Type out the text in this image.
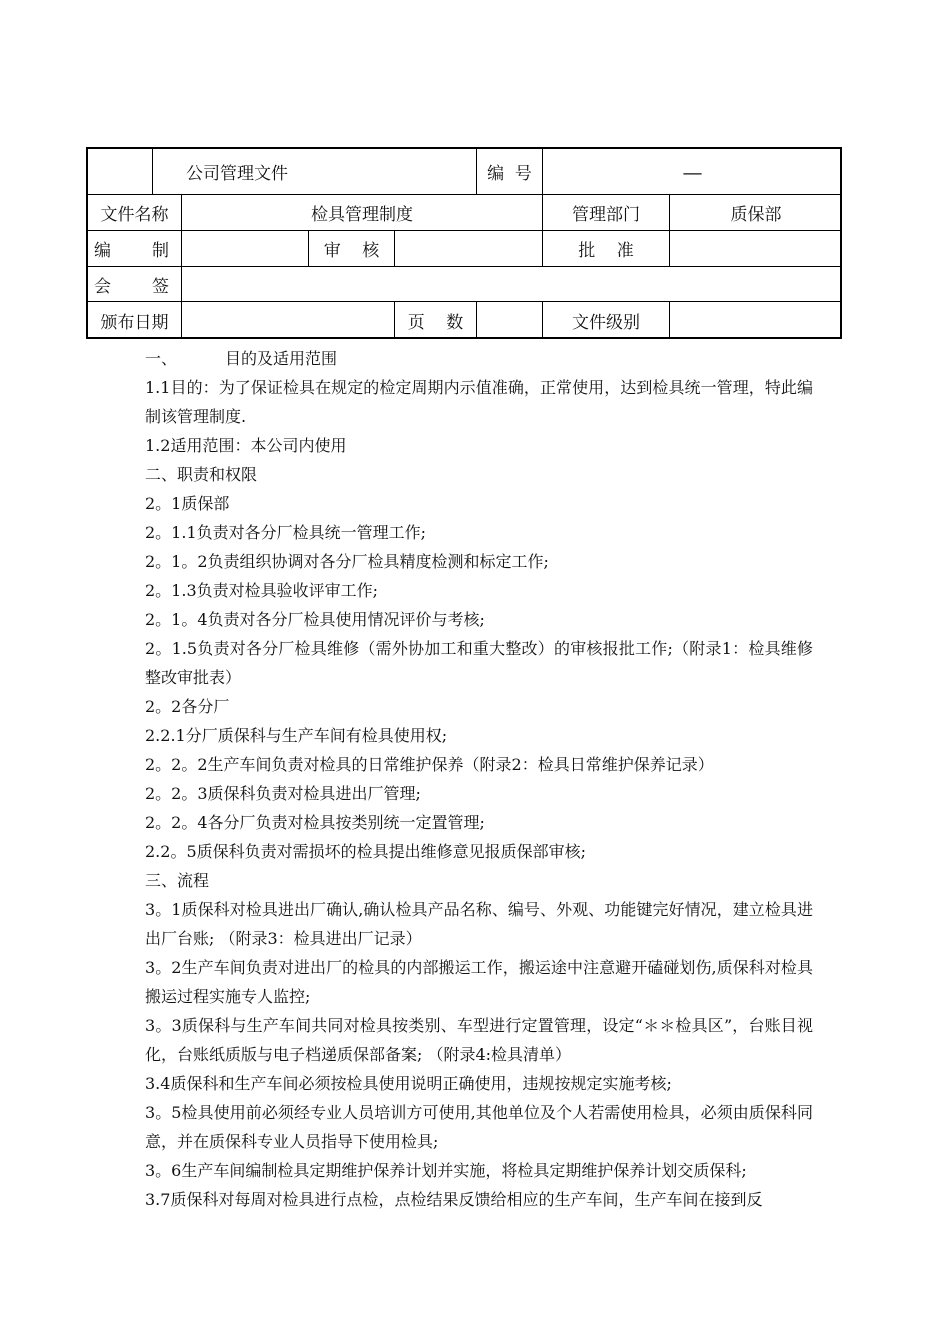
公司管理文件	编  号	—
文件名称	检具管理制度	管理部门	质保部
编 制	审    核	批    准
会 签
颁布日期	页    数	文件级别
一、	目的及适用范围
1.1目的：为了保证检具在规定的检定周期内示值准确，正常使用，达到检具统一管理，特此编制该管理制度.
1.2适用范围：本公司内使用
二、职责和权限
2。1质保部
2。1.1负责对各分厂检具统一管理工作;
2。1。2负责组织协调对各分厂检具精度检测和标定工作;
2。1.3负责对检具验收评审工作;
2。1。4负责对各分厂检具使用情况评价与考核;
2。1.5负责对各分厂检具维修（需外协加工和重大整改）的审核报批工作;（附录1：检具维修整改审批表）
2。2各分厂
2.2.1分厂质保科与生产车间有检具使用权;
2。2。2生产车间负责对检具的日常维护保养（附录2：检具日常维护保养记录）
2。2。3质保科负责对检具进出厂管理;
2。2。4各分厂负责对检具按类别统一定置管理;
2.2。5质保科负责对需损坏的检具提出维修意见报质保部审核;
三、流程
3。1质保科对检具进出厂确认,确认检具产品名称、编号、外观、功能键完好情况，建立检具进出厂台账; （附录3：检具进出厂记录）
3。2生产车间负责对进出厂的检具的内部搬运工作，搬运途中注意避开磕碰划伤,质保科对检具搬运过程实施专人监控;
3。3质保科与生产车间共同对检具按类别、车型进行定置管理，设定“＊＊检具区”，台账目视化，台账纸质版与电子档递质保部备案; （附录4:检具清单）
3.4质保科和生产车间必须按检具使用说明正确使用，违规按规定实施考核;
3。5检具使用前必须经专业人员培训方可使用,其他单位及个人若需使用检具，必须由质保科同意，并在质保科专业人员指导下使用检具;
3。6生产车间编制检具定期维护保养计划并实施，将检具定期维护保养计划交质保科;
3.7质保科对每周对检具进行点检，点检结果反馈给相应的生产车间，生产车间在接到反
